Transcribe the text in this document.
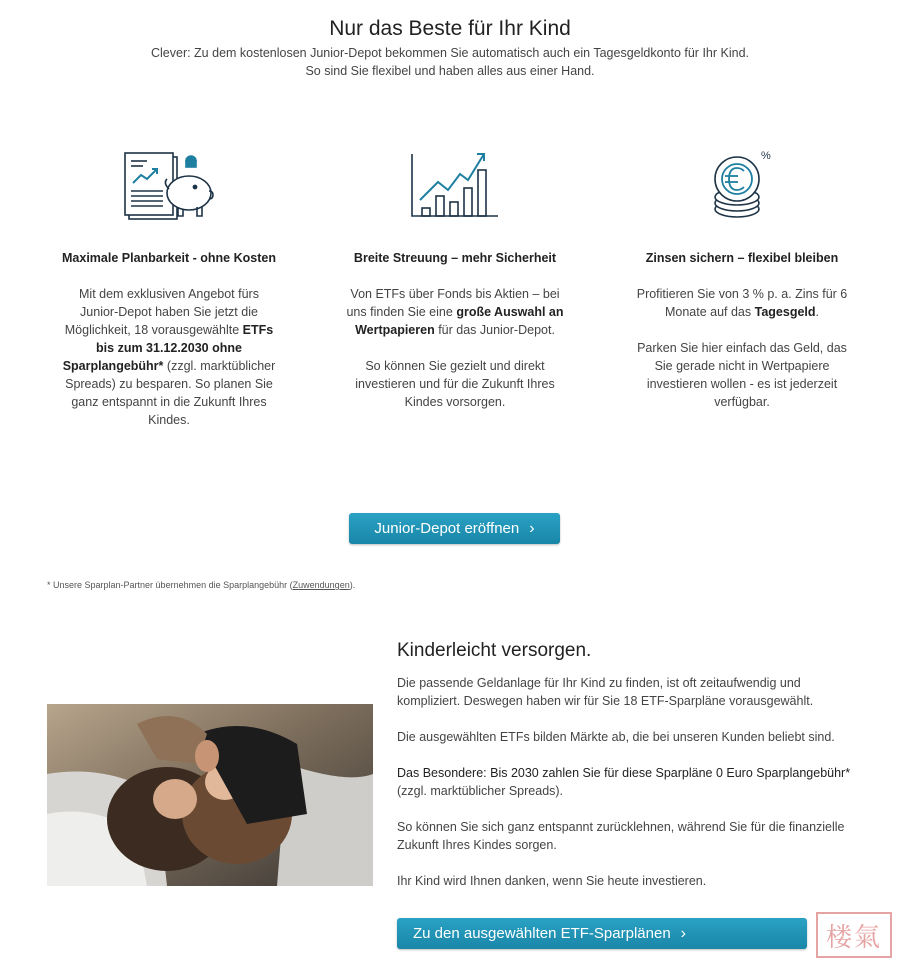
Nur das Beste für Ihr Kind
Clever: Zu dem kostenlosen Junior-Depot bekommen Sie automatisch auch ein Tagesgeldkonto für Ihr Kind.
So sind Sie flexibel und haben alles aus einer Hand.
Maximale Planbarkeit - ohne Kosten

Mit dem exklusiven Angebot fürs Junior-Depot haben Sie jetzt die Möglichkeit, 18 vorausgewählte ETFs bis zum 31.12.2030 ohne Sparplangebühr* (zzgl. marktüblicher Spreads) zu besparen. So planen Sie ganz entspannt in die Zukunft Ihres Kindes.

Breite Streuung – mehr Sicherheit

Von ETFs über Fonds bis Aktien – bei uns finden Sie eine große Auswahl an Wertpapieren für das Junior-Depot.

So können Sie gezielt und direkt investieren und für die Zukunft Ihres Kindes vorsorgen.

%
Zinsen sichern – flexibel bleiben

Profitieren Sie von 3 % p. a. Zins für 6 Monate auf das Tagesgeld.

Parken Sie hier einfach das Geld, das Sie gerade nicht in Wertpapiere investieren wollen - es ist jederzeit verfügbar.

Junior-Depot eröffnen ›
* Unsere Sparplan-Partner übernehmen die Sparplangebühr (Zuwendungen).
Kinderleicht versorgen.

Die passende Geldanlage für Ihr Kind zu finden, ist oft zeitaufwendig und kompliziert. Deswegen haben wir für Sie 18 ETF-Sparpläne vorausgewählt.

Die ausgewählten ETFs bilden Märkte ab, die bei unseren Kunden beliebt sind.

Das Besondere: Bis 2030 zahlen Sie für diese Sparpläne 0 Euro Sparplangebühr* (zzgl. marktüblicher Spreads).

So können Sie sich ganz entspannt zurücklehnen, während Sie für die finanzielle Zukunft Ihres Kindes sorgen.

Ihr Kind wird Ihnen danken, wenn Sie heute investieren.

Zu den ausgewählten ETF-Sparplänen ›	楼氣
